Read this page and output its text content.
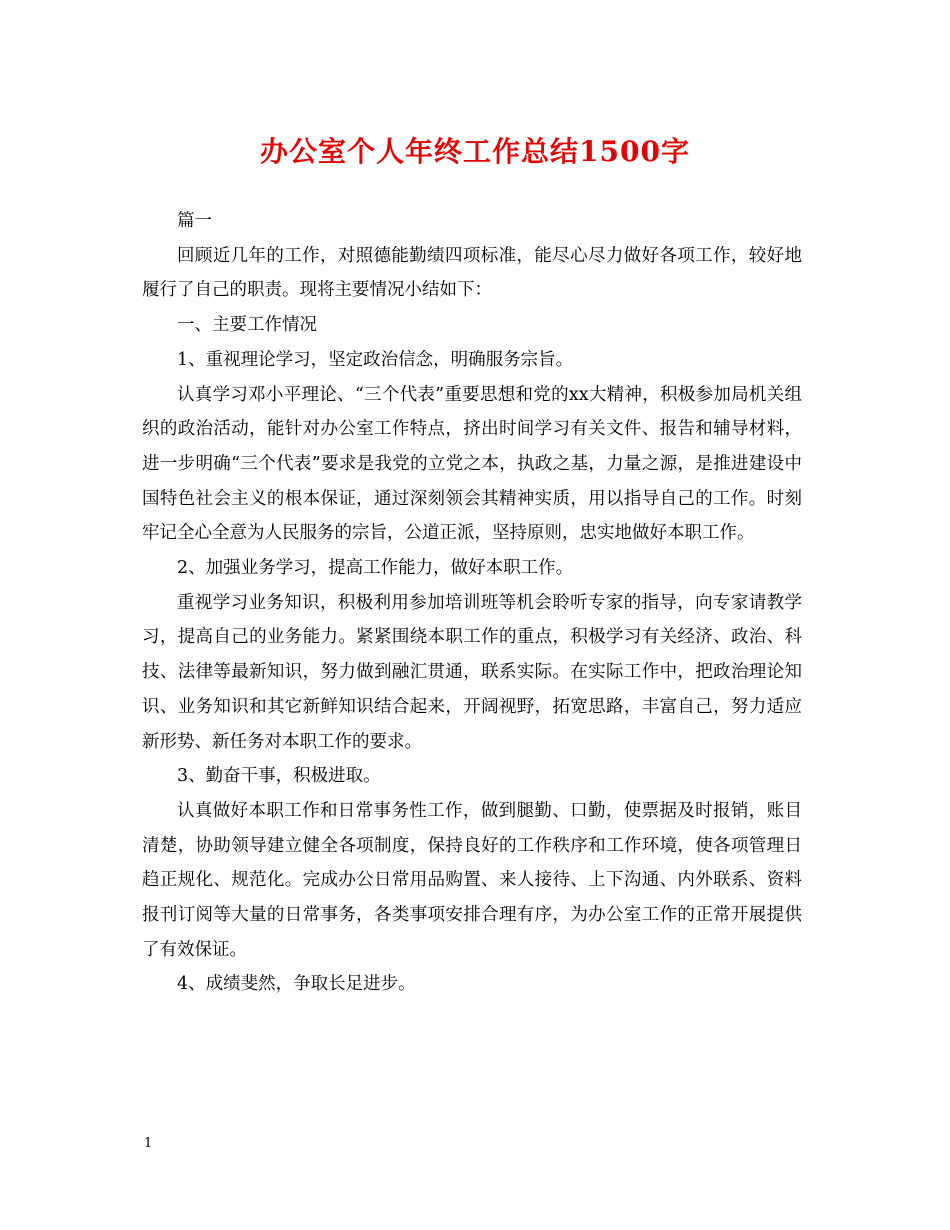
办公室个人年终工作总结1500字

篇一

回顾近几年的工作，对照德能勤绩四项标准，能尽心尽力做好各项工作，较好地履行了自己的职责。现将主要情况小结如下：

一、主要工作情况

1、重视理论学习，坚定政治信念，明确服务宗旨。

认真学习邓小平理论、“三个代表”重要思想和党的xx大精神，积极参加局机关组织的政治活动，能针对办公室工作特点，挤出时间学习有关文件、报告和辅导材料，进一步明确“三个代表”要求是我党的立党之本，执政之基，力量之源，是推进建设中国特色社会主义的根本保证，通过深刻领会其精神实质，用以指导自己的工作。时刻牢记全心全意为人民服务的宗旨，公道正派，坚持原则，忠实地做好本职工作。

2、加强业务学习，提高工作能力，做好本职工作。

重视学习业务知识，积极利用参加培训班等机会聆听专家的指导，向专家请教学习，提高自己的业务能力。紧紧围绕本职工作的重点，积极学习有关经济、政治、科技、法律等最新知识，努力做到融汇贯通，联系实际。在实际工作中，把政治理论知识、业务知识和其它新鲜知识结合起来，开阔视野，拓宽思路，丰富自己，努力适应新形势、新任务对本职工作的要求。

3、勤奋干事，积极进取。

认真做好本职工作和日常事务性工作，做到腿勤、口勤，使票据及时报销，账目清楚，协助领导建立健全各项制度，保持良好的工作秩序和工作环境，使各项管理日趋正规化、规范化。完成办公日常用品购置、来人接待、上下沟通、内外联系、资料报刊订阅等大量的日常事务，各类事项安排合理有序，为办公室工作的正常开展提供了有效保证。

4、成绩斐然，争取长足进步。

1
